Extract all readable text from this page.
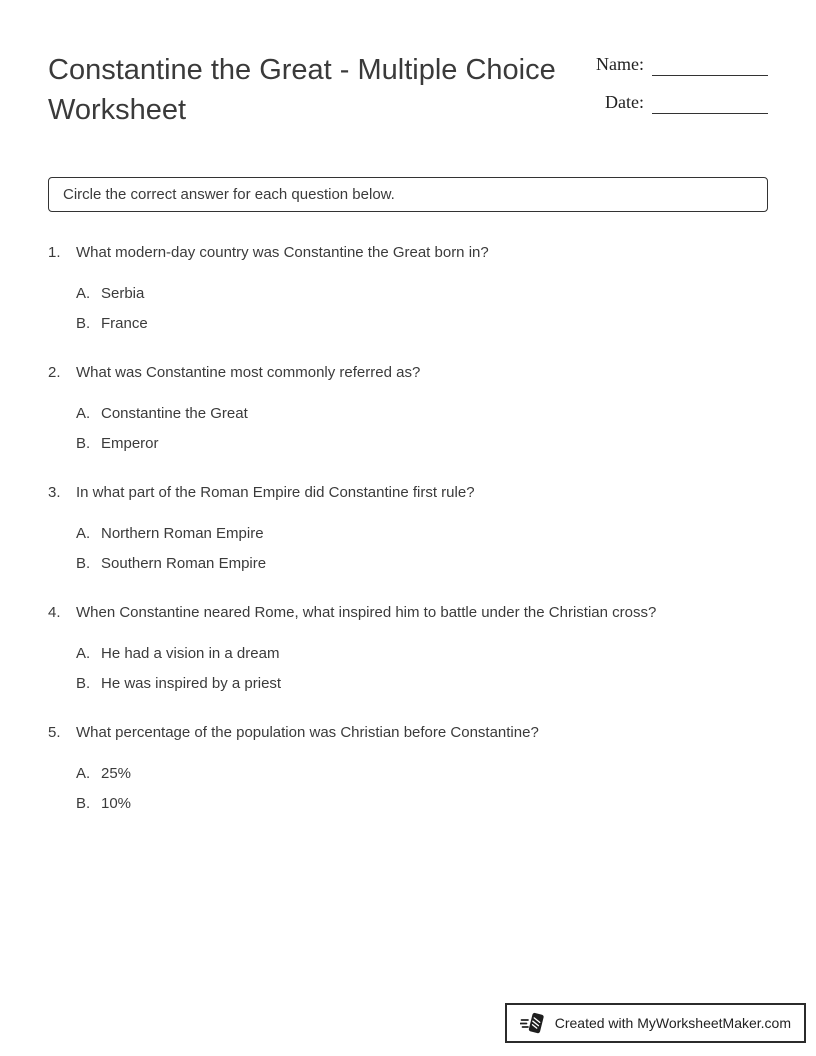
Constantine the Great - Multiple Choice Worksheet
Name:
Date:
Circle the correct answer for each question below.
1.	What modern-day country was Constantine the Great born in?
A. Serbia
B. France
2.	What was Constantine most commonly referred as?
A. Constantine the Great
B. Emperor
3.	In what part of the Roman Empire did Constantine first rule?
A. Northern Roman Empire
B. Southern Roman Empire
4.	When Constantine neared Rome, what inspired him to battle under the Christian cross?
A. He had a vision in a dream
B. He was inspired by a priest
5.	What percentage of the population was Christian before Constantine?
A. 25%
B. 10%
Created with MyWorksheetMaker.com
